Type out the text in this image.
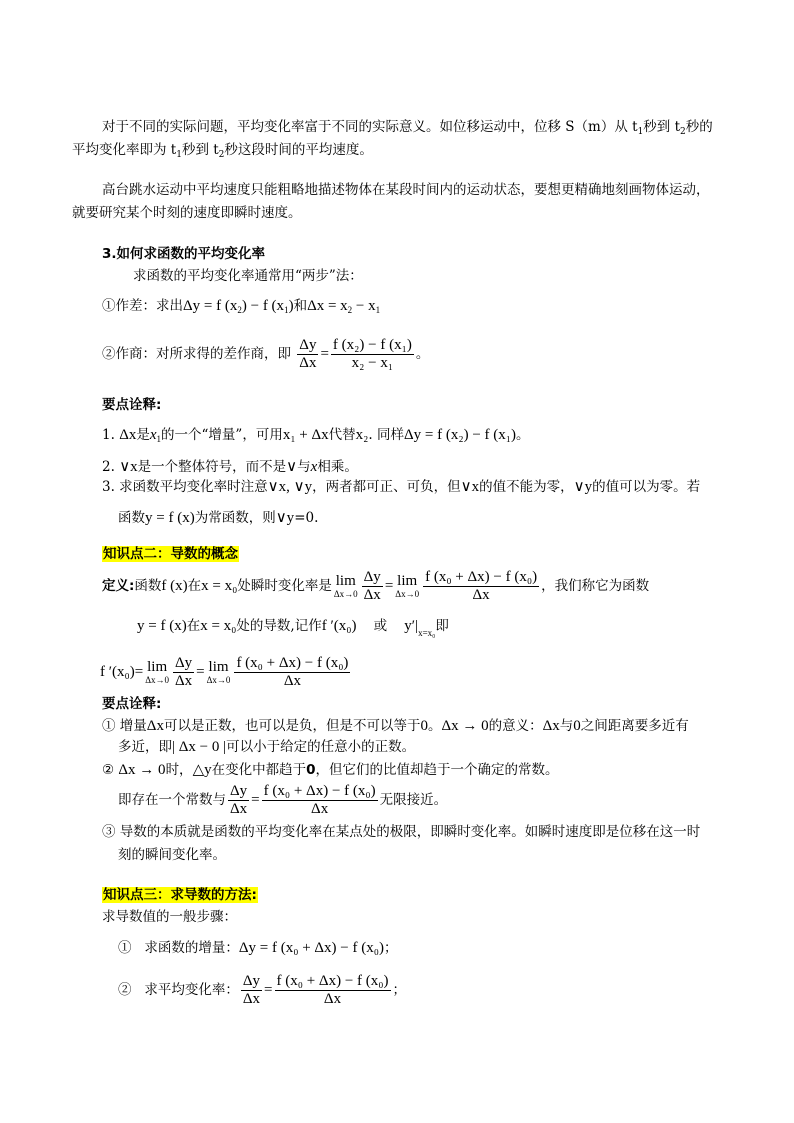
对于不同的实际问题，平均变化率富于不同的实际意义。如位移运动中，位移 S（m）从 $t_1$秒到 $t_2$秒的
平均变化率即为 $t_1$秒到 $t_2$秒这段时间的平均速度。
高台跳水运动中平均速度只能粗略地描述物体在某段时间内的运动状态，要想更精确地刻画物体运动，
就要研究某个时刻的速度即瞬时速度。
3.如何求函数的平均变化率
求函数的平均变化率通常用“两步”法：
①作差：求出Δy = f $(x_2) - f$ $(x_1)$和$\Delta x = x_2 - x_1$
②作商：对所求得的差作商，即 $\frac{\Delta y}{\Delta x} = \frac{\text{f (x₂) − f (x₁)}}{\text{x₂ − x₁}}$ 。
要点诠释:
1. Δx是$x_1$的一个“增量”，可用x₁ + Δx代替x₂. 同样Δy = f (x₂) − f (x₁)。
2. ∨x是一个整体符号，而不是∨与x相乘。
3. 求函数平均变化率时注意∨x, ∨y，两者都可正、可负，但∨x的值不能为零，∨y的值可以为零。若
函数y = f (x)为常函数，则∨y=0.
知识点二：导数的概念
定义:函数f (x)在x = x₀处瞬时变化率是 lim
$\Delta x\to 0 \frac{\Delta y}{\Delta x} = \lim$
$\Delta x\to 0 \frac{\text{f (x₀ + Δx) − f (x₀)}}{\Delta x}$ ，我们称它为函数
y = f (x)在x = x₀处的导数,记作f ′(x₀) 或 $y'|_{x=x_0}$即
f ′(x₀)= lim
$\Delta x\to 0 \frac{\Delta y}{\Delta x} = \lim$
$\Delta x\to 0 \frac{\text{f (x₀ + Δx) − f (x₀)}}{\Delta x}$
要点诠释:
① 增量Δx可以是正数，也可以是负，但是不可以等于0。Δx → 0的意义：Δx与0之间距离要多近有
多近，即| Δx − 0 |可以小于给定的任意小的正数。
② Δx → 0时，△y在变化中都趋于0，但它们的比值却趋于一个确定的常数。
即存在一个常数与 $\frac{\Delta y}{\Delta x} = \frac{\text{f (x₀ + Δx) − f (x₀)}}{\Delta x}$ 无限接近。
③ 导数的本质就是函数的平均变化率在某点处的极限，即瞬时变化率。如瞬时速度即是位移在这一时
刻的瞬间变化率。
知识点三：求导数的方法:
求导数值的一般步骤：
① 求函数的增量：Δy = f (x₀ + Δx) − f (x₀)；
② 求平均变化率： $\frac{\Delta y}{\Delta x} = \frac{\text{f (x₀ + Δx) − f (x₀)}}{\Delta x}$ ；
